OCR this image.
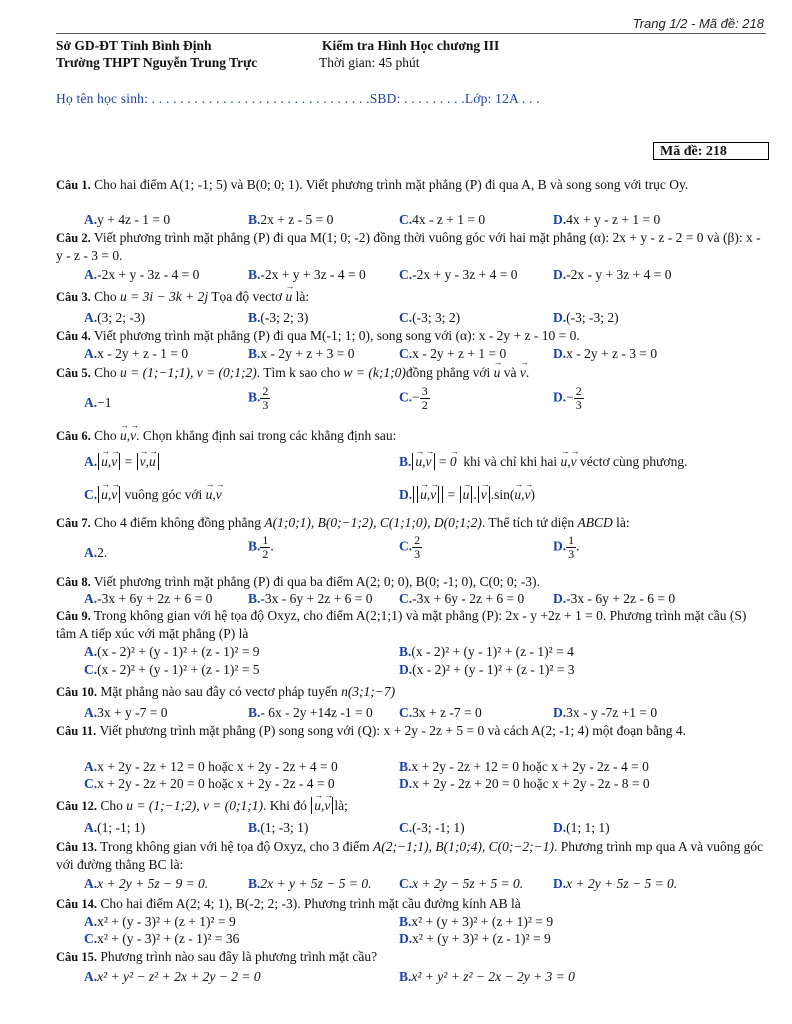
Trang 1/2 - Mã đề: 218
Sở GD-ĐT Tỉnh Bình Định
Trường THPT Nguyễn Trung Trực
Kiểm tra Hình Học chương III
Thời gian: 45 phút
Họ tên học sinh: . . . . . . . . . . . . . . . . . . . . . . . . . . . . . . .SBD: . . . . . . . . .Lớp: 12A . . .
Mã đề: 218
Câu 1. Cho hai điểm A(1; -1; 5) và B(0; 0; 1). Viết phương trình mặt phẳng (P) đi qua A, B và song song với trục Oy.
A.y + 4z - 1 = 0	B.2x + z - 5 = 0	C.4x - z + 1 = 0	D.4x + y - z + 1 = 0
Câu 2. Viết phương trình mặt phẳng (P) đi qua M(1; 0; -2) đồng thời vuông góc với hai mặt phẳng (α): 2x + y - z - 2 = 0 và (β): x - y - z - 3 = 0.
A.-2x + y - 3z - 4 = 0	B.-2x + y + 3z - 4 = 0 C.-2x + y - 3z + 4 = 0	D.-2x - y + 3z + 4 = 0
Câu 3. Cho u = 3i − 3k + 2j Tọa độ vectơ → u là:
A.(3; 2; -3)	B.(-3; 2; 3)	C.(-3; 3; 2)	D.(-3; -3; 2)
Câu 4. Viết phương trình mặt phẳng (P) đi qua M(-1; 1; 0), song song với (α): x - 2y + z - 10 = 0.
A.x - 2y + z - 1 = 0	B.x - 2y + z + 3 = 0	C.x - 2y + z + 1 = 0	D.x - 2y + z - 3 = 0
Câu 5. Cho u = (1;−1;1), v = (0;1;2). Tìm k sao cho w = (k;1;0)đồng phẳng với → u và → v.
A.−1	B. $\frac{2}{3}$	$C.- \frac{3}{2}$	$D.- \frac{2}{3}$
Câu 6. Cho → u,→ v. Chọn khẳng định sai trong các khẳng định sau:
A. → u,→ v = → v,→ u	B. → u,→ v = → 0  khi và chỉ khi hai → u,→ v véctơ cùng phương.
C. → u,→ v vuông góc với → u,→ v	D. → u,→ v = → u . → v .sin(→ u,→ v)
Câu 7. Cho 4 điểm không đồng phẳng A(1;0;1), B(0;−1;2), C(1;1;0), D(0;1;2). Thể tích tứ diện ABCD là:
A.2.	B. $\frac{1}{2}$ .	C. $\frac{2}{3}$	D. $\frac{1}{3}$ .
Câu 8. Viết phương trình mặt phẳng (P) đi qua ba điểm A(2; 0; 0), B(0; -1; 0), C(0; 0; -3).
A.-3x + 6y + 2z + 6 = 0	B.-3x - 6y + 2z + 6 = 0 C.-3x + 6y - 2z + 6 = 0 D.-3x - 6y + 2z - 6 = 0
Câu 9. Trong không gian với hệ tọa độ Oxyz, cho điểm A(2;1;1) và mặt phẳng (P): 2x - y +2z + 1 = 0. Phương trình mặt cầu (S) tâm A tiếp xúc với mặt phẳng (P) là
A.(x - 2)² + (y - 1)² + (z - 1)² = 9	B.(x - 2)² + (y - 1)² + (z - 1)² = 4
C.(x - 2)² + (y - 1)² + (z - 1)² = 5	D.(x - 2)² + (y - 1)² + (z - 1)² = 3
Câu 10. Mặt phẳng nào sau đây có vectơ pháp tuyến n(3;1;−7)
A.3x + y -7 = 0	B.- 6x - 2y +14z -1 = 0 C.3x + z -7 = 0	D.3x - y -7z +1 = 0
Câu 11. Viết phương trình mặt phẳng (P) song song với (Q): x + 2y - 2z + 5 = 0 và cách A(2; -1; 4) một đoạn bằng 4.
A.x + 2y - 2z + 12 = 0 hoặc x + 2y - 2z + 4 = 0	B.x + 2y - 2z + 12 = 0 hoặc x + 2y - 2z - 4 = 0
C.x + 2y - 2z + 20 = 0 hoặc x + 2y - 2z - 4 = 0	D.x + 2y - 2z + 20 = 0 hoặc x + 2y - 2z - 8 = 0
Câu 12. Cho u = (1;−1;2), v = (0;1;1). Khi đó → u,→ v là;
A.(1; -1; 1)	B.(1; -3; 1)	C.(-3; -1; 1)	D.(1; 1; 1)
Câu 13. Trong không gian với hệ tọa độ Oxyz, cho 3 điểm A(2;−1;1), B(1;0;4), C(0;−2;−1). Phương trình mp qua A và vuông góc với đường thẳng BC là:
A.x + 2y + 5z − 9 = 0.	B.2x + y + 5z − 5 = 0. C.x + 2y − 5z + 5 = 0. D.x + 2y + 5z − 5 = 0.
Câu 14. Cho hai điểm A(2; 4; 1), B(-2; 2; -3). Phương trình mặt cầu đường kính AB là
A.x² + (y - 3)² + (z + 1)² = 9	B.x² + (y + 3)² + (z + 1)² = 9
C.x² + (y - 3)² + (z - 1)² = 36	D.x² + (y + 3)² + (z - 1)² = 9
Câu 15. Phương trình nào sau đây là phương trình mặt cầu?
A.x² + y² − z² + 2x + 2y − 2 = 0	B.x² + y² + z² − 2x − 2y + 3 = 0
